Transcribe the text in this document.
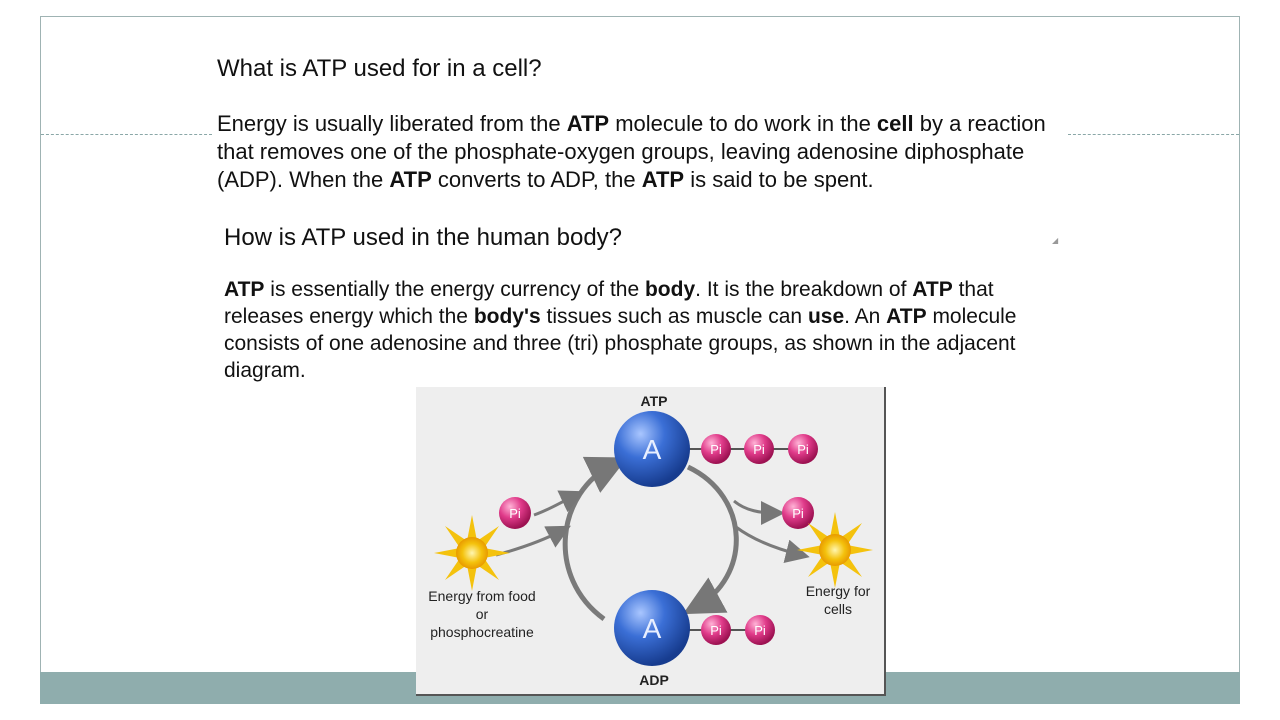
What is ATP used for in a cell?

Energy is usually liberated from the ATP molecule to do work in the cell by a reaction that removes one of the phosphate-oxygen groups, leaving adenosine diphosphate (ADP). When the ATP converts to ADP, the ATP is said to be spent.

How is ATP used in the human body?	◢

ATP is essentially the energy currency of the body. It is the breakdown of ATP that releases energy which the body's tissues such as muscle can use. An ATP molecule consists of one adenosine and three (tri) phosphate groups, as shown in the adjacent diagram.

ATP
A	Pi Pi Pi
Pi	Pi
Energy from food
or
phosphocreatine
Energy for
cells
A	Pi Pi
ADP
